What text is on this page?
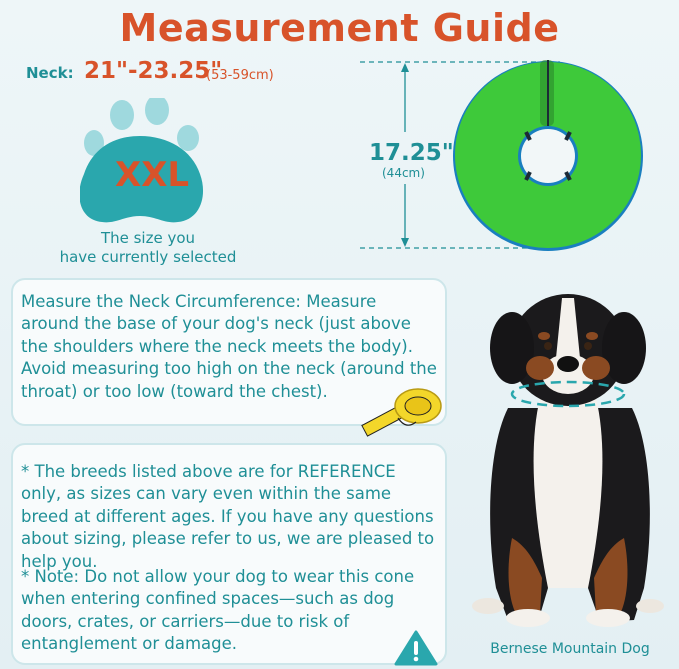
Measurement Guide
Neck: 21"-23.25"
(53-59cm)
XXL
The size you
have currently selected
17.25"
(44cm)
Measure the Neck Circumference: Measure around the base of your dog's neck (just above the shoulders where the neck meets the body). Avoid measuring too high on the neck (around the throat) or too low (toward the chest).
* The breeds listed above are for REFERENCE only, as sizes can vary even within the same breed at different ages. If you have any questions about sizing, please refer to us, we are pleased to help you.
* Note: Do not allow your dog to wear this cone when entering confined spaces—such as dog doors, crates, or carriers—due to risk of entanglement or damage.	Bernese Mountain Dog
